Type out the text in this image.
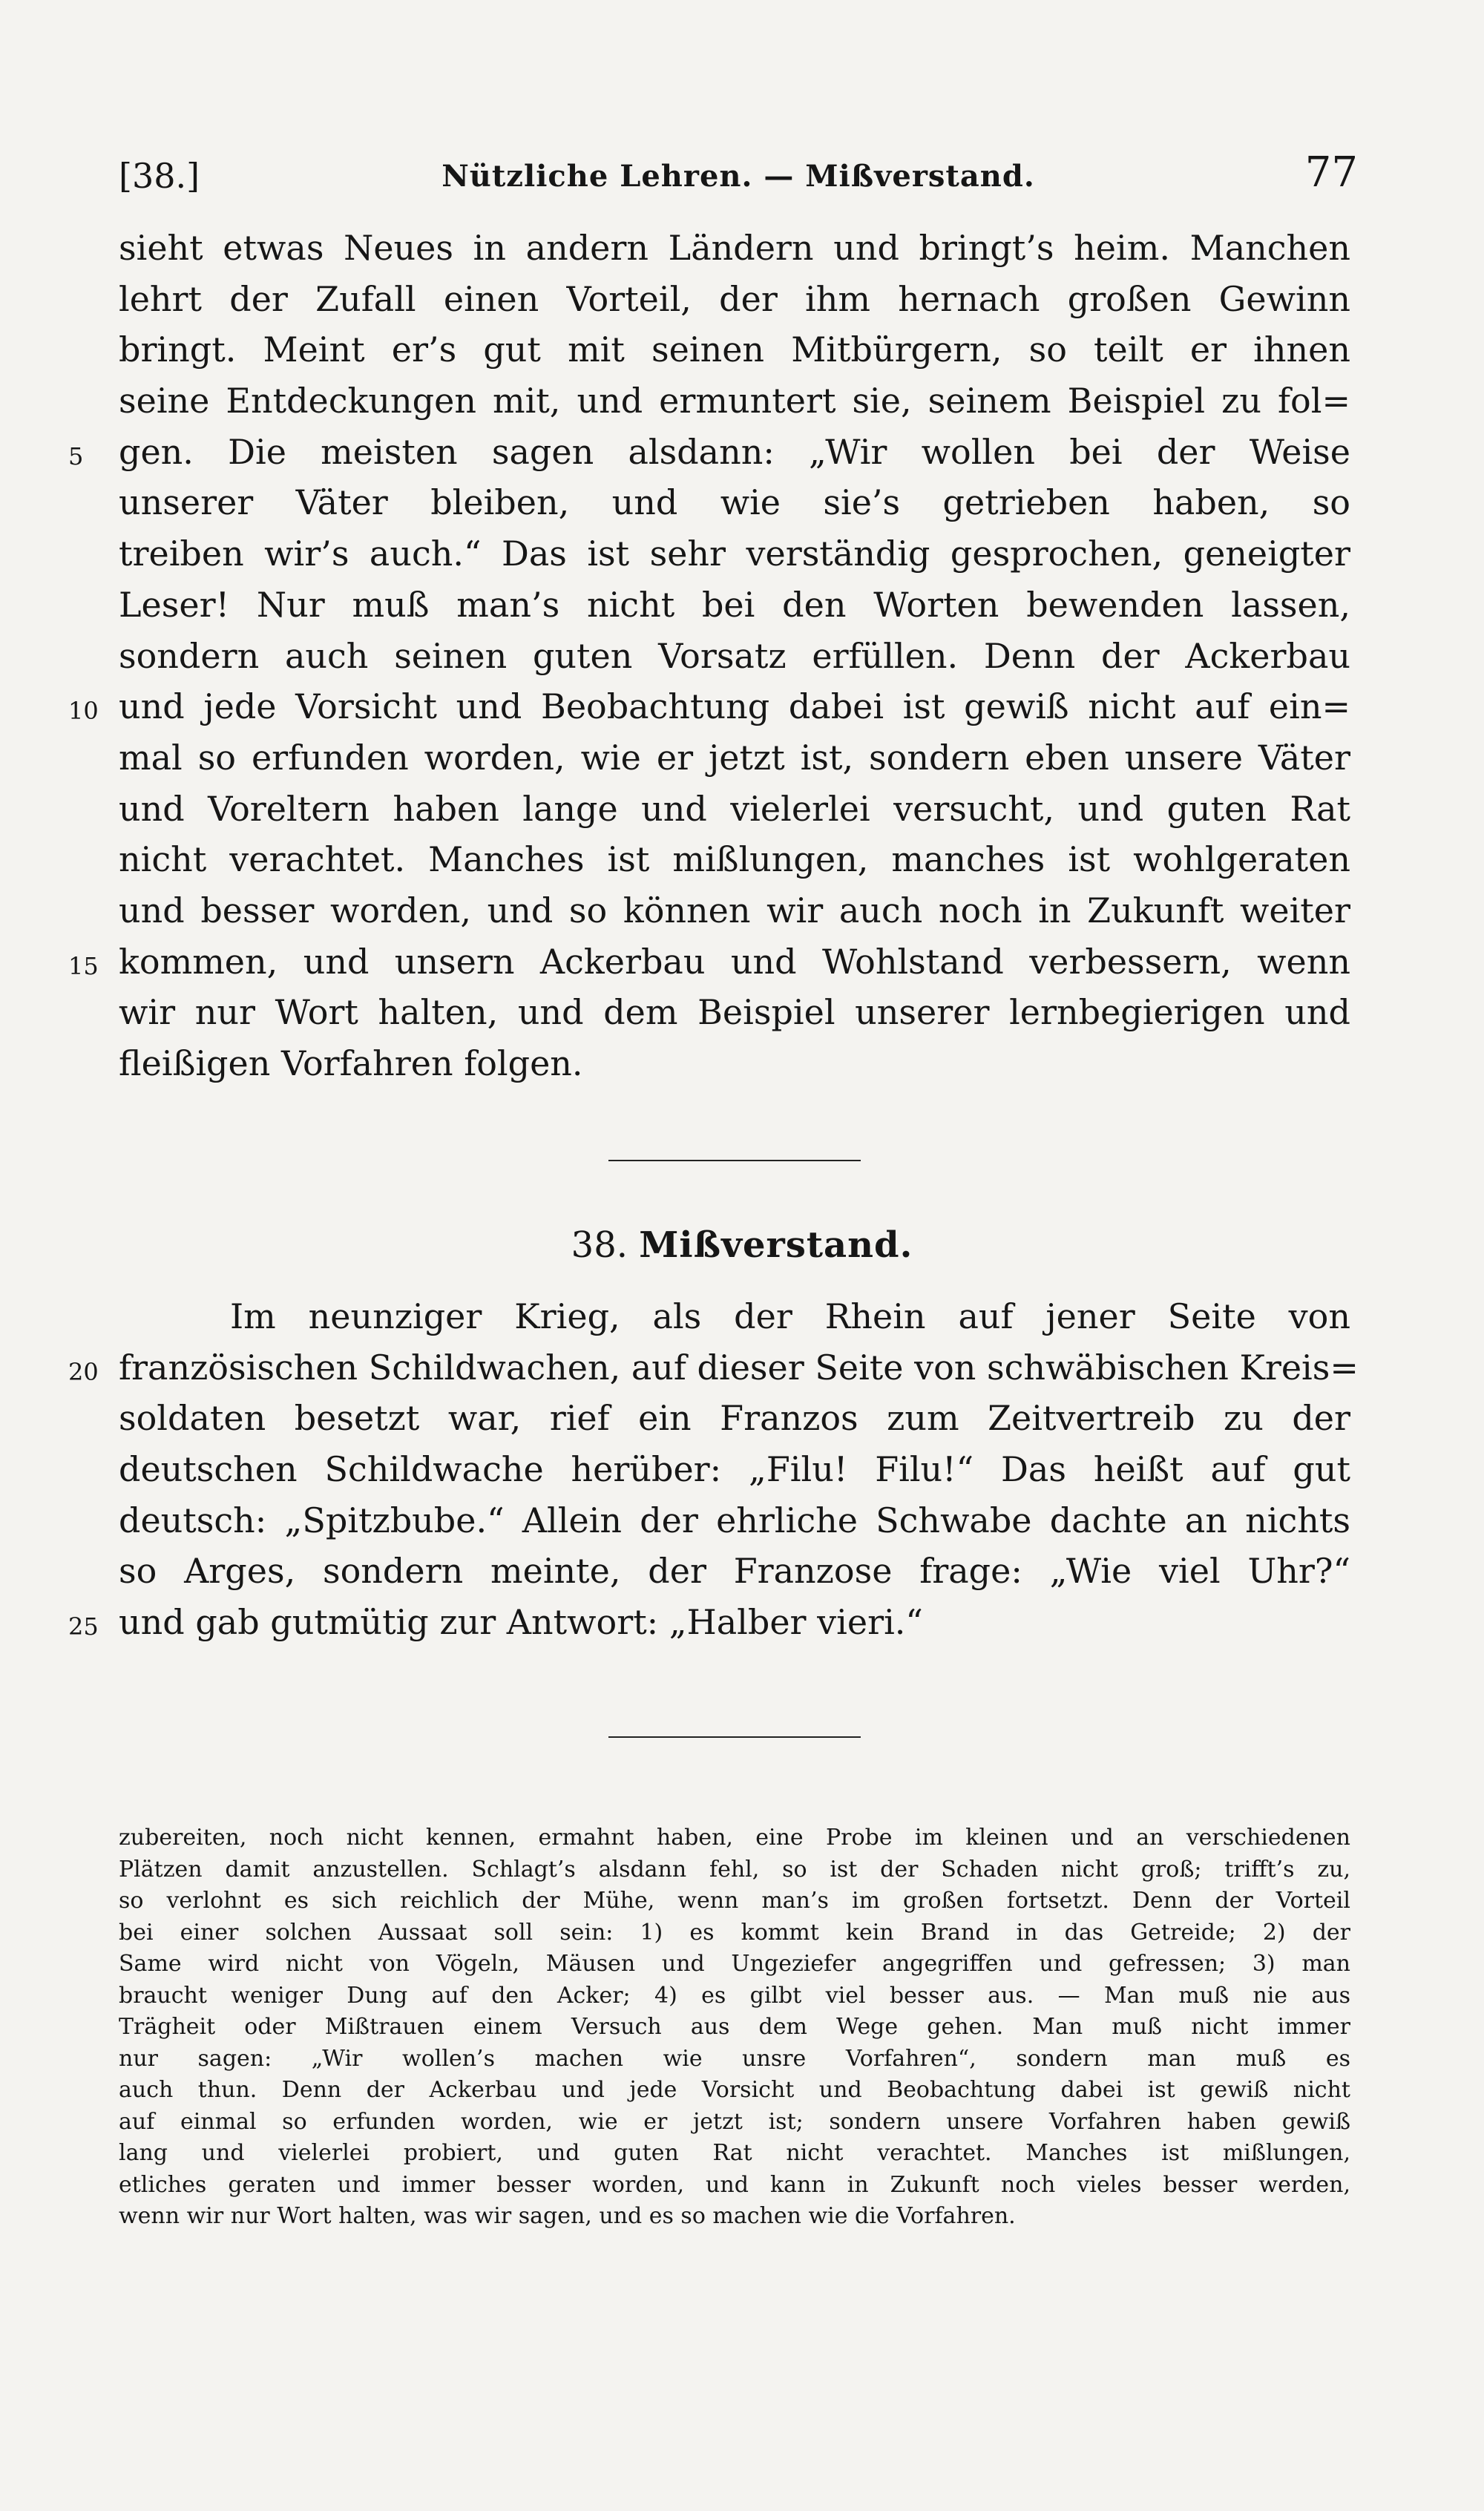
[38.]	Nützliche Lehren. — Mißverstand.	77
sieht etwas Neues in andern Ländern und bringt’s heim. Manchen
lehrt der Zufall einen Vorteil, der ihm hernach großen Gewinn
bringt. Meint er’s gut mit seinen Mitbürgern, so teilt er ihnen
seine Entdeckungen mit, und ermuntert sie, seinem Beispiel zu fol=
5	gen. Die meisten sagen alsdann: „Wir wollen bei der Weise
unserer Väter bleiben, und wie sie’s getrieben haben, so
treiben wir’s auch.“ Das ist sehr verständig gesprochen, geneigter
Leser! Nur muß man’s nicht bei den Worten bewenden lassen,
sondern auch seinen guten Vorsatz erfüllen. Denn der Ackerbau
10 und jede Vorsicht und Beobachtung dabei ist gewiß nicht auf ein=
mal so erfunden worden, wie er jetzt ist, sondern eben unsere Väter
und Voreltern haben lange und vielerlei versucht, und guten Rat
nicht verachtet. Manches ist mißlungen, manches ist wohlgeraten
und besser worden, und so können wir auch noch in Zukunft weiter
15 kommen, und unsern Ackerbau und Wohlstand verbessern, wenn
wir nur Wort halten, und dem Beispiel unserer lernbegierigen und
fleißigen Vorfahren folgen.
38. Mißverstand.
Im neunziger Krieg, als der Rhein auf jener Seite von
20 französischen Schildwachen, auf dieser Seite von schwäbischen Kreis=
soldaten besetzt war, rief ein Franzos zum Zeitvertreib zu der
deutschen Schildwache herüber: „Filu! Filu!“ Das heißt auf gut
deutsch: „Spitzbube.“ Allein der ehrliche Schwabe dachte an nichts
so Arges, sondern meinte, der Franzose frage: „Wie viel Uhr?“
25 und gab gutmütig zur Antwort: „Halber vieri.“
zubereiten, noch nicht kennen, ermahnt haben, eine Probe im kleinen und an verschiedenen
Plätzen damit anzustellen. Schlagt’s alsdann fehl, so ist der Schaden nicht groß; trifft’s zu,
so verlohnt es sich reichlich der Mühe, wenn man’s im großen fortsetzt. Denn der Vorteil
bei einer solchen Aussaat soll sein: 1) es kommt kein Brand in das Getreide; 2) der
Same wird nicht von Vögeln, Mäusen und Ungeziefer angegriffen und gefressen; 3) man
braucht weniger Dung auf den Acker; 4) es gilbt viel besser aus. — Man muß nie aus
Trägheit oder Mißtrauen einem Versuch aus dem Wege gehen. Man muß nicht immer
nur sagen: „Wir wollen’s machen wie unsre Vorfahren“, sondern man muß es
auch thun. Denn der Ackerbau und jede Vorsicht und Beobachtung dabei ist gewiß nicht
auf einmal so erfunden worden, wie er jetzt ist; sondern unsere Vorfahren haben gewiß
lang und vielerlei probiert, und guten Rat nicht verachtet. Manches ist mißlungen,
etliches geraten und immer besser worden, und kann in Zukunft noch vieles besser werden,
wenn wir nur Wort halten, was wir sagen, und es so machen wie die Vorfahren.
